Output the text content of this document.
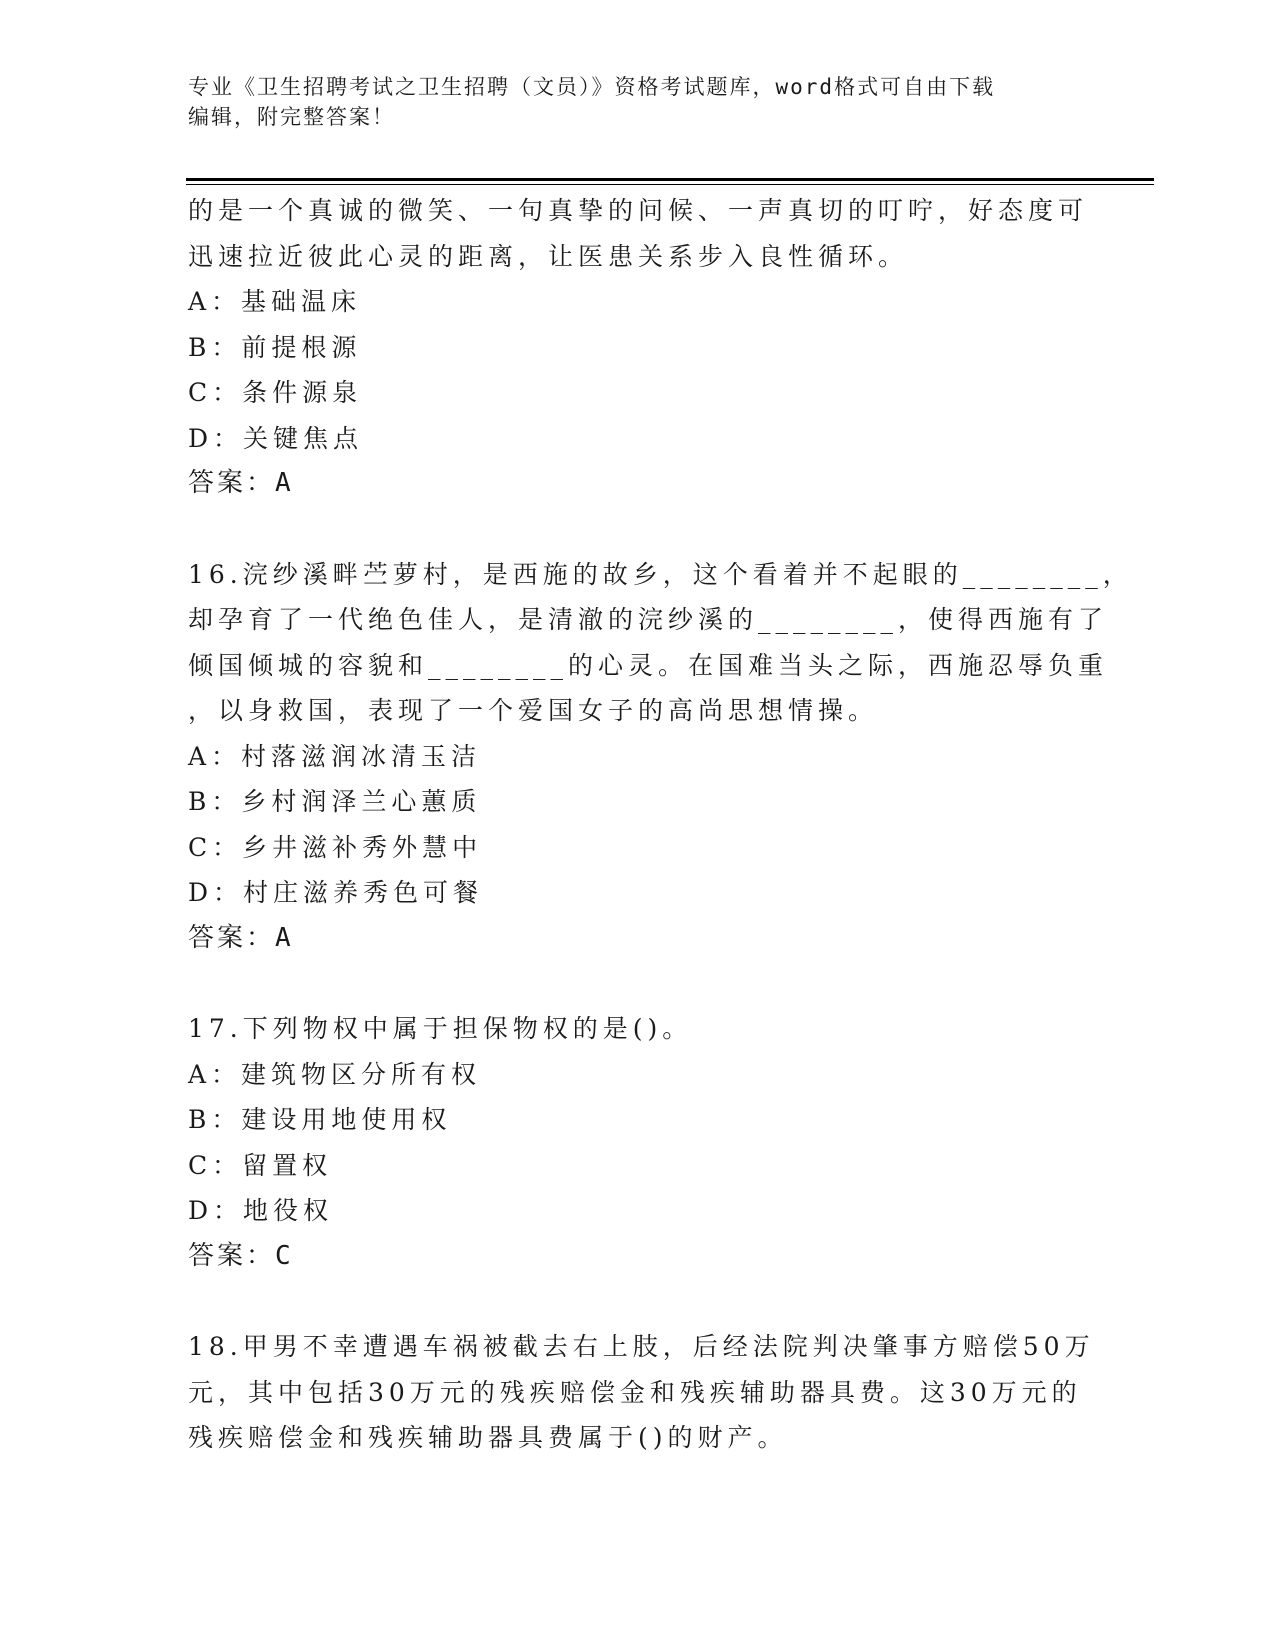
专业《卫生招聘考试之卫生招聘（文员）》资格考试题库，word格式可自由下载
编辑，附完整答案！
的是一个真诚的微笑、一句真挚的问候、一声真切的叮咛，好态度可
迅速拉近彼此心灵的距离，让医患关系步入良性循环。
A：基础温床
B：前提根源
C：条件源泉
D：关键焦点
答案：A
16.浣纱溪畔苎萝村，是西施的故乡，这个看着并不起眼的________，
却孕育了一代绝色佳人，是清澈的浣纱溪的________，使得西施有了
倾国倾城的容貌和________的心灵。在国难当头之际，西施忍辱负重
，以身救国，表现了一个爱国女子的高尚思想情操。
A：村落滋润冰清玉洁
B：乡村润泽兰心蕙质
C：乡井滋补秀外慧中
D：村庄滋养秀色可餐
答案：A
17.下列物权中属于担保物权的是()。
A：建筑物区分所有权
B：建设用地使用权
C：留置权
D：地役权
答案：C
18.甲男不幸遭遇车祸被截去右上肢，后经法院判决肇事方赔偿50万
元，其中包括30万元的残疾赔偿金和残疾辅助器具费。这30万元的
残疾赔偿金和残疾辅助器具费属于()的财产。
